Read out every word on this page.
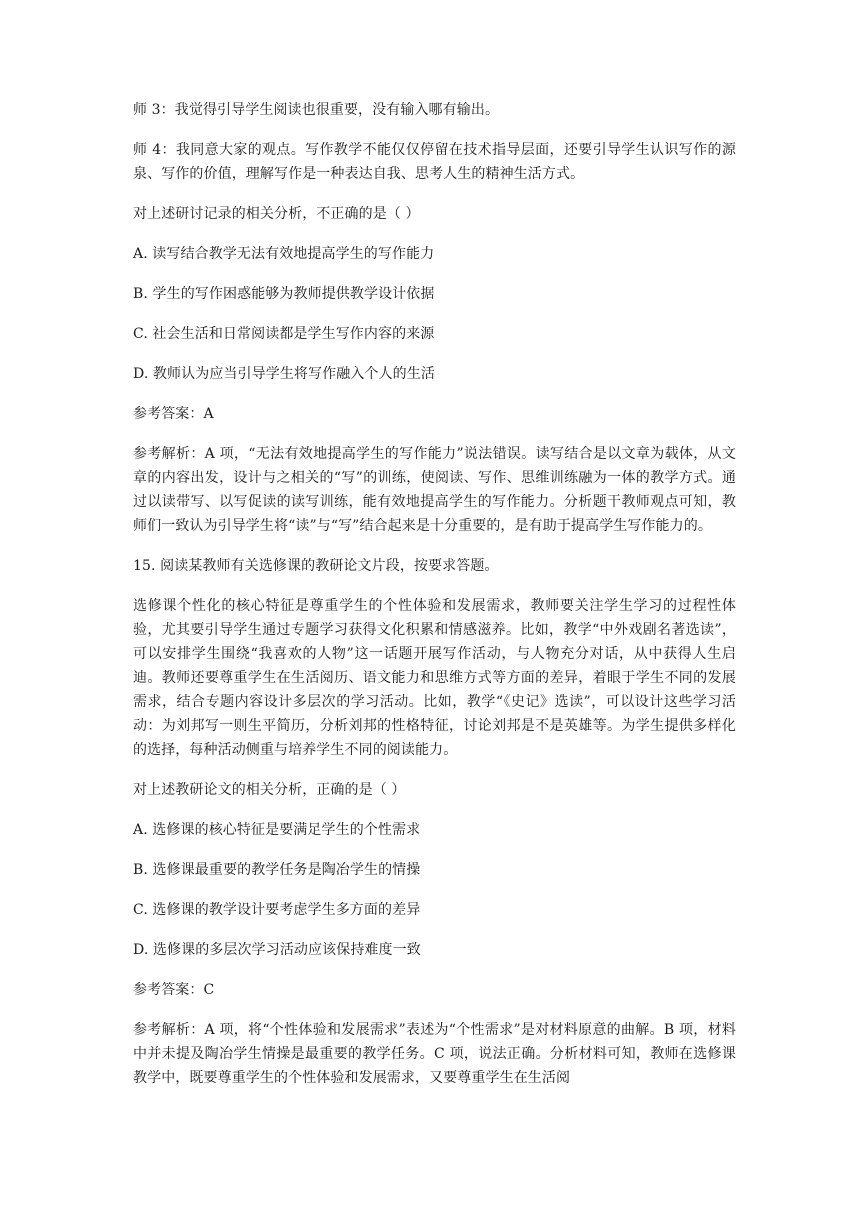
师 3：我觉得引导学生阅读也很重要，没有输入哪有输出。

师 4：我同意大家的观点。写作教学不能仅仅停留在技术指导层面，还要引导学生认识写作的源泉、写作的价值，理解写作是一种表达自我、思考人生的精神生活方式。

对上述研讨记录的相关分析，不正确的是（ ）

A. 读写结合教学无法有效地提高学生的写作能力

B. 学生的写作困惑能够为教师提供教学设计依据

C. 社会生活和日常阅读都是学生写作内容的来源

D. 教师认为应当引导学生将写作融入个人的生活

参考答案：A

参考解析：A 项，“无法有效地提高学生的写作能力”说法错误。读写结合是以文章为载体，从文章的内容出发，设计与之相关的“写”的训练，使阅读、写作、思维训练融为一体的教学方式。通过以读带写、以写促读的读写训练，能有效地提高学生的写作能力。分析题干教师观点可知，教师们一致认为引导学生将“读”与“写”结合起来是十分重要的，是有助于提高学生写作能力的。

15. 阅读某教师有关选修课的教研论文片段，按要求答题。

选修课个性化的核心特征是尊重学生的个性体验和发展需求，教师要关注学生学习的过程性体验，尤其要引导学生通过专题学习获得文化积累和情感滋养。比如，教学“中外戏剧名著选读”，可以安排学生围绕“我喜欢的人物”这一话题开展写作活动，与人物充分对话，从中获得人生启迪。教师还要尊重学生在生活阅历、语文能力和思维方式等方面的差异，着眼于学生不同的发展需求，结合专题内容设计多层次的学习活动。比如，教学“《史记》选读”，可以设计这些学习活动：为刘邦写一则生平简历，分析刘邦的性格特征，讨论刘邦是不是英雄等。为学生提供多样化的选择，每种活动侧重与培养学生不同的阅读能力。

对上述教研论文的相关分析，正确的是（ ）

A. 选修课的核心特征是要满足学生的个性需求

B. 选修课最重要的教学任务是陶冶学生的情操

C. 选修课的教学设计要考虑学生多方面的差异

D. 选修课的多层次学习活动应该保持难度一致

参考答案：C

参考解析：A 项，将“个性体验和发展需求”表述为“个性需求”是对材料原意的曲解。B 项，材料中并未提及陶冶学生情操是最重要的教学任务。C 项，说法正确。分析材料可知，教师在选修课教学中，既要尊重学生的个性体验和发展需求，又要尊重学生在生活阅
